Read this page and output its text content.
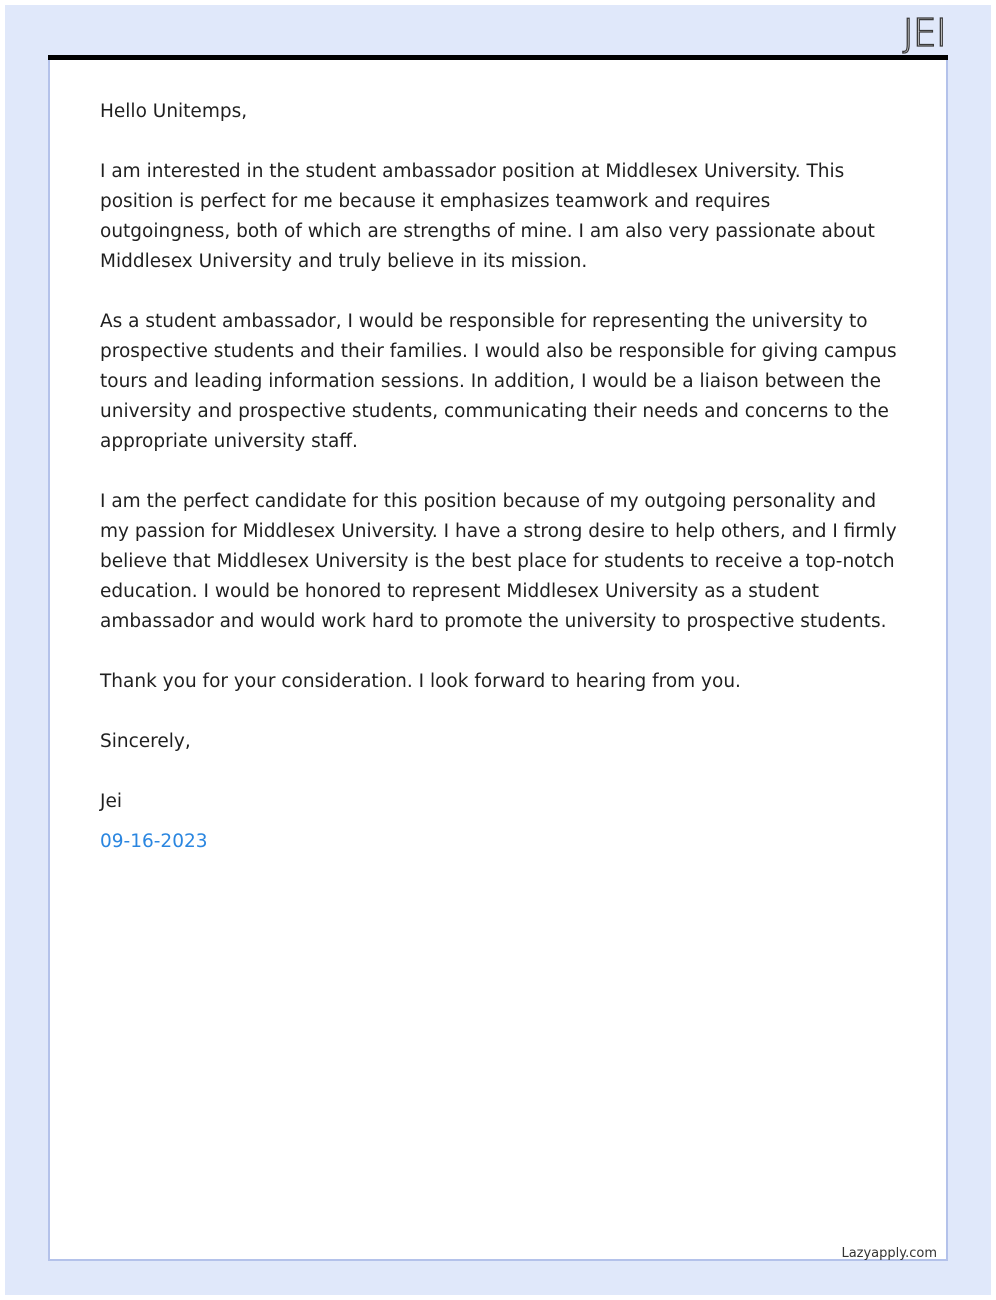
JEI

Hello Unitemps,

I am interested in the student ambassador position at Middlesex University. This position is perfect for me because it emphasizes teamwork and requires outgoingness, both of which are strengths of mine. I am also very passionate about Middlesex University and truly believe in its mission.

As a student ambassador, I would be responsible for representing the university to prospective students and their families. I would also be responsible for giving campus tours and leading information sessions. In addition, I would be a liaison between the university and prospective students, communicating their needs and concerns to the appropriate university staff.

I am the perfect candidate for this position because of my outgoing personality and my passion for Middlesex University. I have a strong desire to help others, and I firmly believe that Middlesex University is the best place for students to receive a top-notch education. I would be honored to represent Middlesex University as a student ambassador and would work hard to promote the university to prospective students.

Thank you for your consideration. I look forward to hearing from you.

Sincerely,

Jei

09-16-2023

Lazyapply.com
